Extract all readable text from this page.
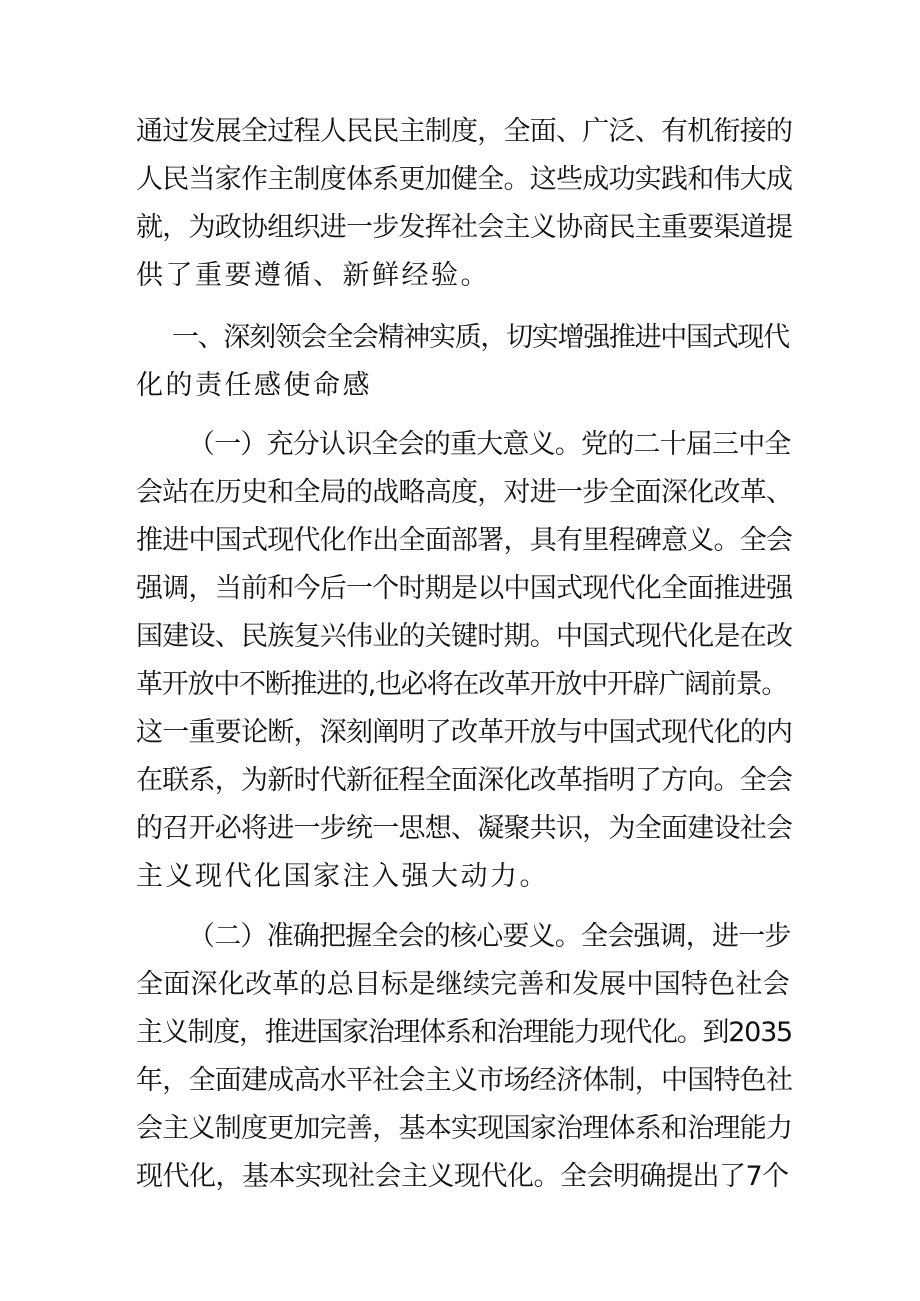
通过发展全过程人民民主制度，全面、广泛、有机衔接的
人民当家作主制度体系更加健全。这些成功实践和伟大成
就，为政协组织进一步发挥社会主义协商民主重要渠道提
供了重要遵循、新鲜经验。
一、深刻领会全会精神实质，切实增强推进中国式现代
化的责任感使命感
（一）充分认识全会的重大意义。党的二十届三中全
会站在历史和全局的战略高度，对进一步全面深化改革、
推进中国式现代化作出全面部署，具有里程碑意义。全会
强调，当前和今后一个时期是以中国式现代化全面推进强
国建设、民族复兴伟业的关键时期。中国式现代化是在改
革开放中不断推进的,也必将在改革开放中开辟广阔前景。
这一重要论断，深刻阐明了改革开放与中国式现代化的内
在联系，为新时代新征程全面深化改革指明了方向。全会
的召开必将进一步统一思想、凝聚共识，为全面建设社会
主义现代化国家注入强大动力。
（二）准确把握全会的核心要义。全会强调，进一步
全面深化改革的总目标是继续完善和发展中国特色社会
主义制度，推进国家治理体系和治理能力现代化。到2035
年，全面建成高水平社会主义市场经济体制，中国特色社
会主义制度更加完善，基本实现国家治理体系和治理能力
现代化，基本实现社会主义现代化。全会明确提出了7个
